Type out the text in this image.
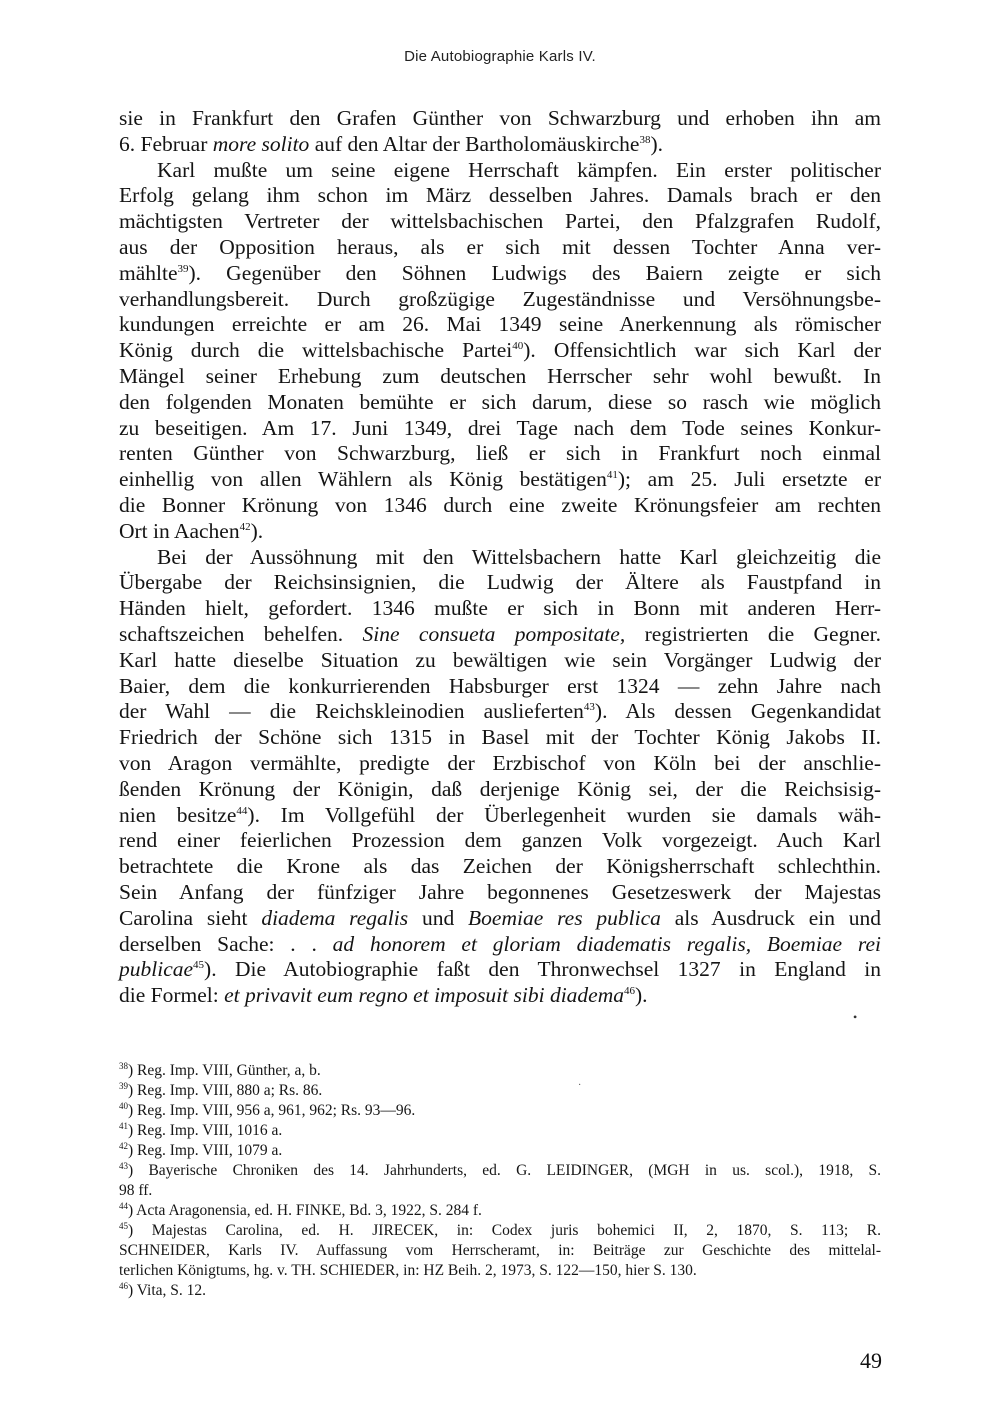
Die Autobiographie Karls IV.
sie in Frankfurt den Grafen Günther von Schwarzburg und erhoben ihn am
6. Februar more solito auf den Altar der Bartholomäuskirche$^{38}$).
Karl mußte um seine eigene Herrschaft kämpfen. Ein erster politischer
Erfolg gelang ihm schon im März desselben Jahres. Damals brach er den
mächtigsten Vertreter der wittelsbachischen Partei, den Pfalzgrafen Rudolf,
aus der Opposition heraus, als er sich mit dessen Tochter Anna ver-
mählte$^{39}$). Gegenüber den Söhnen Ludwigs des Baiern zeigte er sich
verhandlungsbereit. Durch großzügige Zugeständnisse und Versöhnungsbe-
kundungen erreichte er am 26. Mai 1349 seine Anerkennung als römischer
König durch die wittelsbachische Partei$^{40}$). Offensichtlich war sich Karl der
Mängel seiner Erhebung zum deutschen Herrscher sehr wohl bewußt. In
den folgenden Monaten bemühte er sich darum, diese so rasch wie möglich
zu beseitigen. Am 17. Juni 1349, drei Tage nach dem Tode seines Konkur-
renten Günther von Schwarzburg, ließ er sich in Frankfurt noch einmal
einhellig von allen Wählern als König bestätigen$^{41}$); am 25. Juli ersetzte er
die Bonner Krönung von 1346 durch eine zweite Krönungsfeier am rechten
Ort in Aachen$^{42}$).
Bei der Aussöhnung mit den Wittelsbachern hatte Karl gleichzeitig die
Übergabe der Reichsinsignien, die Ludwig der Ältere als Faustpfand in
Händen hielt, gefordert. 1346 mußte er sich in Bonn mit anderen Herr-
schaftszeichen behelfen. Sine consueta pompositate, registrierten die Gegner.
Karl hatte dieselbe Situation zu bewältigen wie sein Vorgänger Ludwig der
Baier, dem die konkurrierenden Habsburger erst 1324 — zehn Jahre nach
der Wahl — die Reichskleinodien auslieferten$^{43}$). Als dessen Gegenkandidat
Friedrich der Schöne sich 1315 in Basel mit der Tochter König Jakobs II.
von Aragon vermählte, predigte der Erzbischof von Köln bei der anschlie-
ßenden Krönung der Königin, daß derjenige König sei, der die Reichsisig-
nien besitze$^{44}$). Im Vollgefühl der Überlegenheit wurden sie damals wäh-
rend einer feierlichen Prozession dem ganzen Volk vorgezeigt. Auch Karl
betrachtete die Krone als das Zeichen der Königsherrschaft schlechthin.
Sein Anfang der fünfziger Jahre begonnenes Gesetzeswerk der Majestas
Carolina sieht diadema regalis und Boemiae res publica als Ausdruck ein und
derselben Sache: . . ad honorem et gloriam diadematis regalis, Boemiae rei
publicae$^{45}$). Die Autobiographie faßt den Thronwechsel 1327 in England in
die Formel: et privavit eum regno et imposuit sibi diadema$^{46}$).
•
·
$^{38}$) Reg. Imp. VIII, Günther, a, b.
$^{39}$) Reg. Imp. VIII, 880 a; Rs. 86.
$^{40}$) Reg. Imp. VIII, 956 a, 961, 962; Rs. 93—96.
$^{41}$) Reg. Imp. VIII, 1016 a.
$^{42}$) Reg. Imp. VIII, 1079 a.
$^{43}$) Bayerische Chroniken des 14. Jahrhunderts, ed. G. LEIDINGER, (MGH in us. scol.), 1918, S.
98 ff.
$^{44}$) Acta Aragonensia, ed. H. FINKE, Bd. 3, 1922, S. 284 f.
$^{45}$) Majestas Carolina, ed. H. JIRECEK, in: Codex juris bohemici II, 2, 1870, S. 113; R.
SCHNEIDER, Karls IV. Auffassung vom Herrscheramt, in: Beiträge zur Geschichte des mittelal-
terlichen Königtums, hg. v. TH. SCHIEDER, in: HZ Beih. 2, 1973, S. 122—150, hier S. 130.
$^{46}$) Vita, S. 12.
49
